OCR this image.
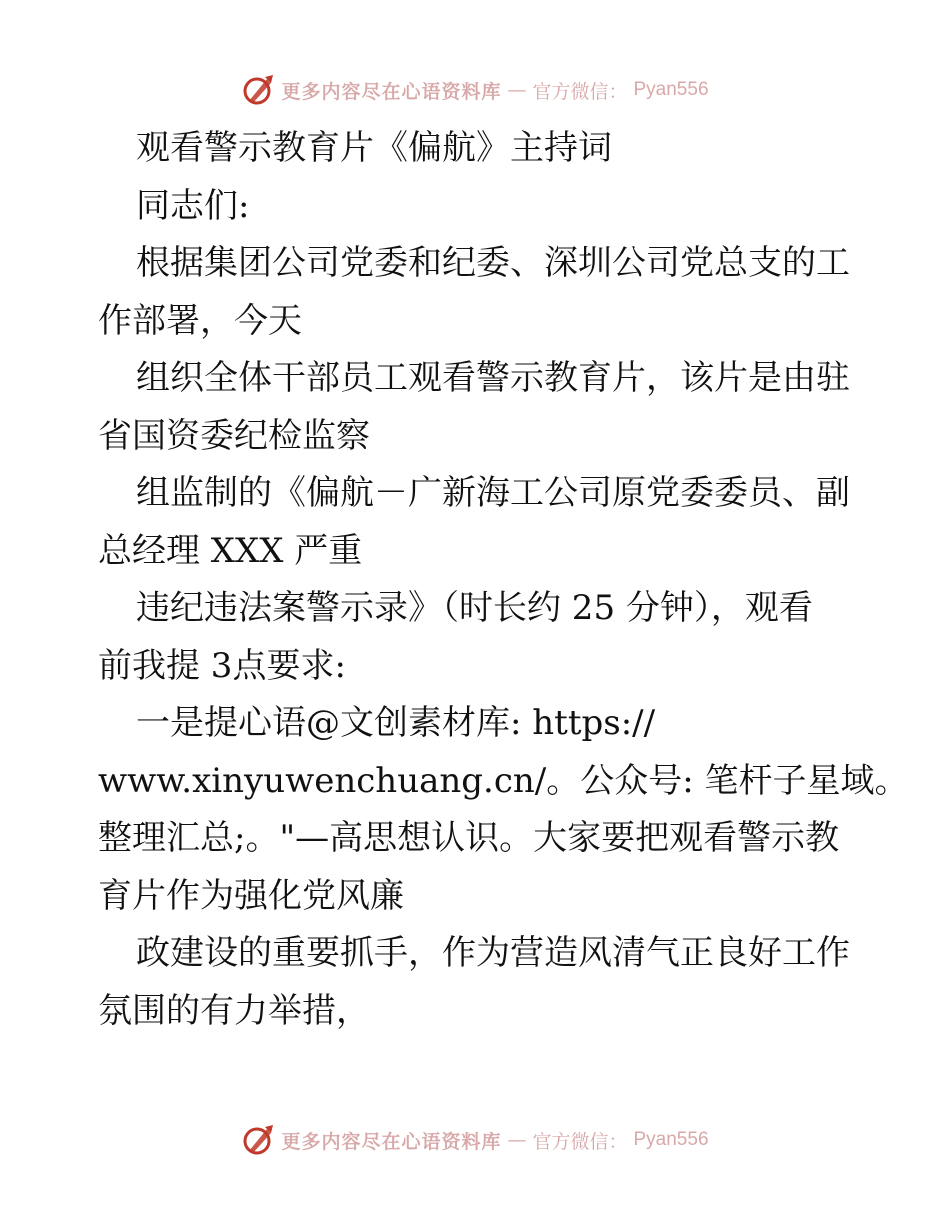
更多内容尽在心语资料库 — 官方微信： Pyan556

观看警示教育片《偏航》主持词

同志们:

根据集团公司党委和纪委、深圳公司党总支的工

作部署，今天

组织全体干部员工观看警示教育片，该片是由驻

省国资委纪检监察

组监制的《偏航－广新海工公司原党委委员、副

总经理 XXX 严重

违纪违法案警示录》（时长约 25 分钟），观看

前我提 3点要求:

一是提心语@文创素材库: https://

www.xinyuwenchuang.cn/。公众号: 笔杆子星域。

整理汇总;。"—高思想认识。大家要把观看警示教

育片作为强化党风廉

政建设的重要抓手，作为营造风清气正良好工作

氛围的有力举措，

更多内容尽在心语资料库 — 官方微信： Pyan556
